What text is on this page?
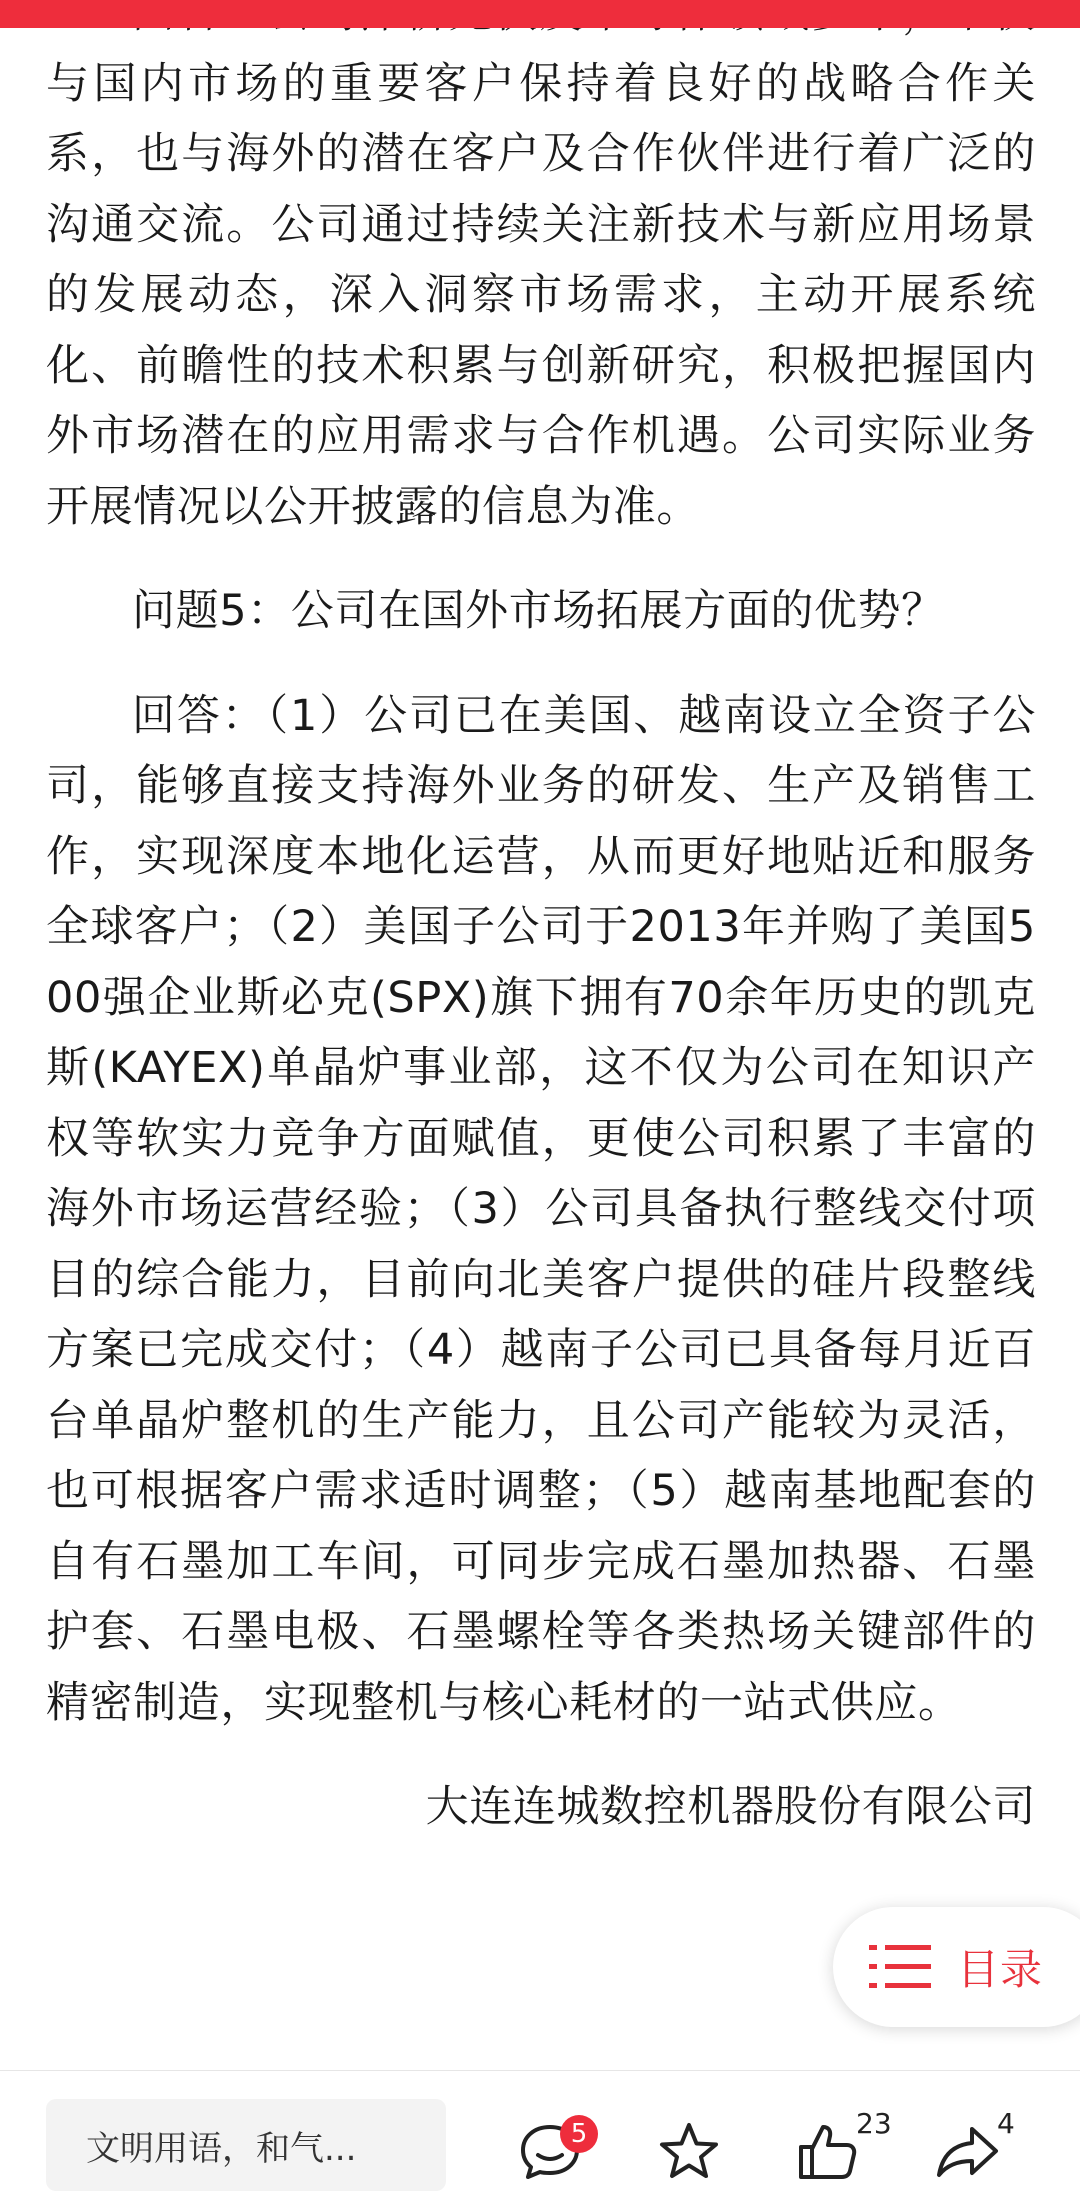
与国内市场的重要客户保持着良好的战略合作关系，也与海外的潜在客户及合作伙伴进行着广泛的沟通交流。公司通过持续关注新技术与新应用场景的发展动态，深入洞察市场需求，主动开展系统化、前瞻性的技术积累与创新研究，积极把握国内外市场潜在的应用需求与合作机遇。公司实际业务开展情况以公开披露的信息为准。

问题5：公司在国外市场拓展方面的优势？

回答：（1）公司已在美国、越南设立全资子公司，能够直接支持海外业务的研发、生产及销售工作，实现深度本地化运营，从而更好地贴近和服务全球客户；（2）美国子公司于2013年并购了美国500强企业斯必克(SPX)旗下拥有70余年历史的凯克斯(KAYEX)单晶炉事业部，这不仅为公司在知识产权等软实力竞争方面赋值，更使公司积累了丰富的海外市场运营经验；（3）公司具备执行整线交付项目的综合能力，目前向北美客户提供的硅片段整线方案已完成交付；（4）越南子公司已具备每月近百台单晶炉整机的生产能力，且公司产能较为灵活，也可根据客户需求适时调整；（5）越南基地配套的自有石墨加工车间，可同步完成石墨加热器、石墨护套、石墨电极、石墨螺栓等各类热场关键部件的精密制造，实现整机与核心耗材的一站式供应。

大连连城数控机器股份有限公司

目录
文明用语，和气...	5	23	4
